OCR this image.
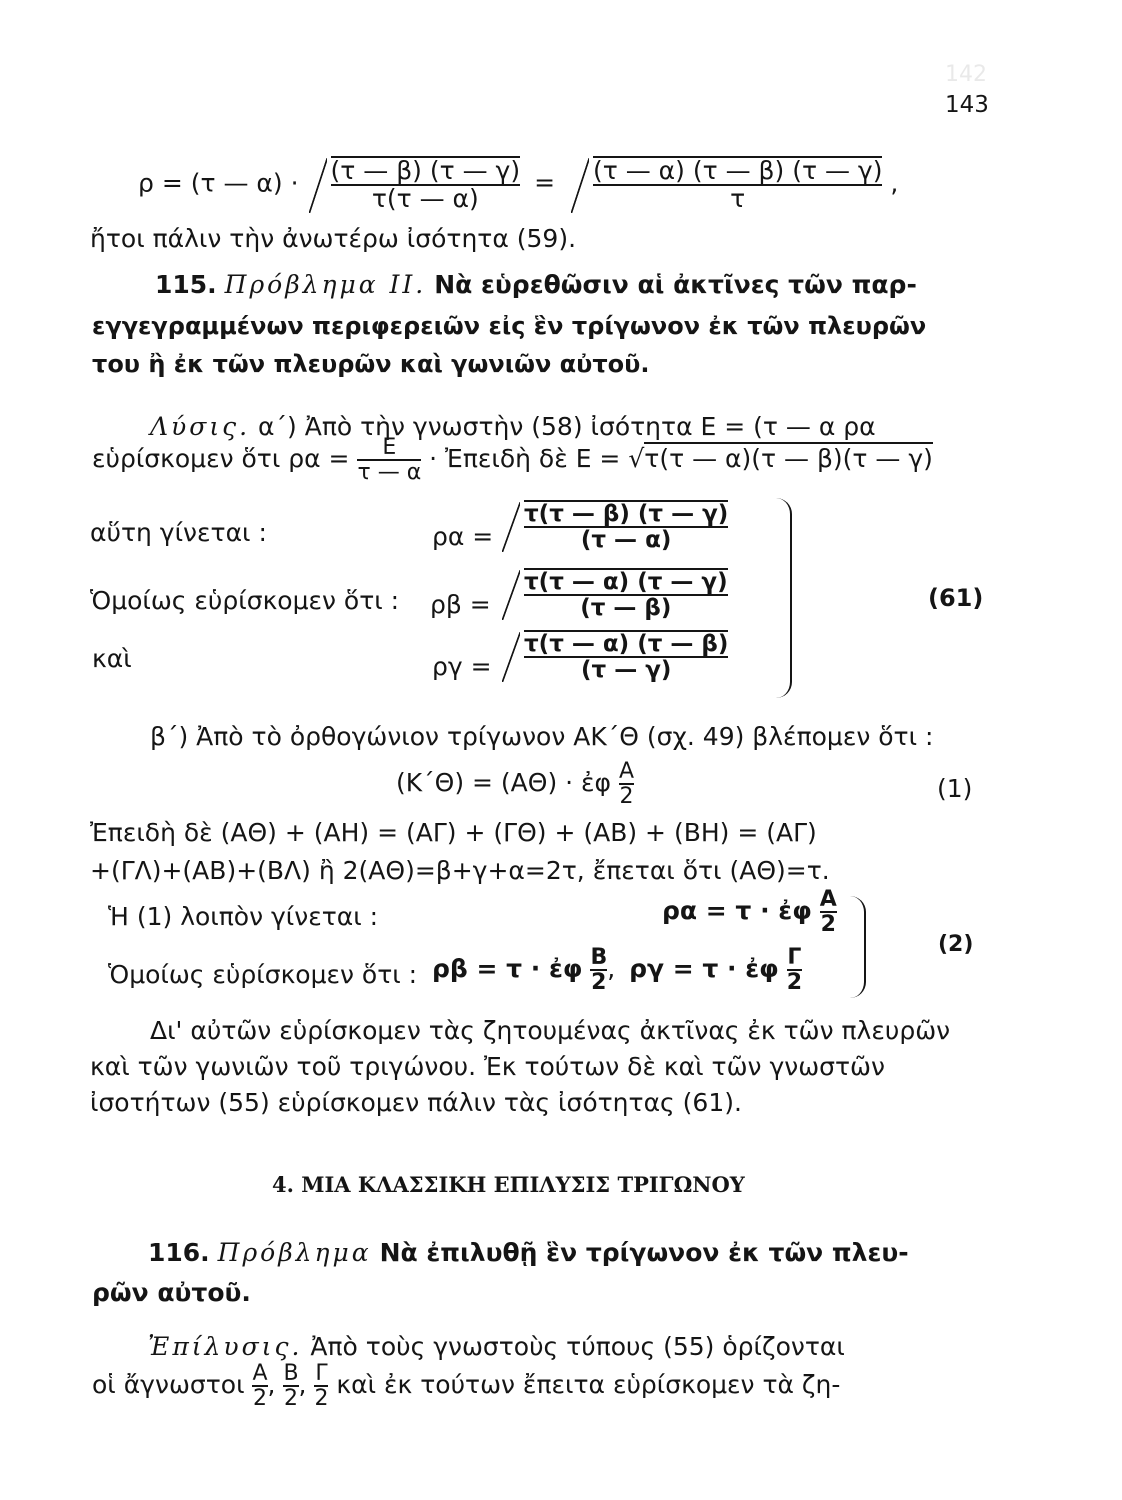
142
143
ρ = (τ — $\alpha) \cdot \frac{(\tau — \beta) (\tau — \gamma)}{\tau(\tau — \alpha)} = \frac{(\tau — \alpha) (\tau — \beta) (\tau — \gamma)}{\tau}$ ,
ἤτοι πάλιν τὴν ἀνωτέρω ἰσότητα (59).
115. Πρόβλημα ΙΙ. Νὰ εὑρεθῶσιν αἱ ἀκτῖνες τῶν παρ-
εγγεγραμμένων περιφερειῶν εἰς ἓν τρίγωνον ἐκ τῶν πλευρῶν
του ἢ ἐκ τῶν πλευρῶν καὶ γωνιῶν αὐτοῦ.
Λύσις. α΄) Ἀπὸ τὴν γνωστὴν (58) ἰσότητα Ε = (τ — α ρα
εὑρίσκομεν ὅτι $\rho\alpha = \frac{E}{\tau — \alpha}$ · Ἐπειδὴ δὲ Ε = √τ(τ — α)(τ — β)(τ — γ)
αὕτη γίνεται :	$\rho\alpha = \frac{\tau(\tau — \beta) (\tau — \gamma)}{(\tau — \alpha)}$
Ὁμοίως εὑρίσκομεν ὅτι : $\rho\beta = \frac{\tau(\tau — \alpha) (\tau — \gamma)}{(\tau — \beta)}$
καὶ	$\rho\gamma = \frac{\tau(\tau — \alpha) (\tau — \beta)}{(\tau — \gamma)}$
(61)
β΄) Ἀπὸ τὸ ὀρθογώνιον τρίγωνον ΑΚ΄Θ (σχ. 49) βλέπομεν ὅτι :
(Κ΄Θ) = (ΑΘ) · ἐφ $\frac{A}{2}$	(1)
Ἐπειδὴ δὲ (ΑΘ) + (ΑΗ) = (ΑΓ) + (ΓΘ) + (ΑΒ) + (ΒΗ) = (ΑΓ)
+(ΓΛ)+(ΑΒ)+(ΒΛ) ἢ 2(ΑΘ)=β+γ+α=2τ, ἔπεται ὅτι (ΑΘ)=τ.
Ἡ (1) λοιπὸν γίνεται :	ρα = τ · ἐφ $\frac{A}{2}$
Ὁμοίως εὑρίσκομεν ὅτι : ρβ = τ · ἐφ $\frac{B}{2}$ , ργ = τ · ἐφ $\frac{\Gamma}{2}$
(2)
Δι' αὐτῶν εὑρίσκομεν τὰς ζητουμένας ἀκτῖνας ἐκ τῶν πλευρῶν
καὶ τῶν γωνιῶν τοῦ τριγώνου. Ἐκ τούτων δὲ καὶ τῶν γνωστῶν
ἰσοτήτων (55) εὑρίσκομεν πάλιν τὰς ἰσότητας (61).
4. ΜΙΑ ΚΛΑΣΣΙΚΗ ΕΠΙΛΥΣΙΣ ΤΡΙΓΩΝΟΥ
116. Πρόβλημα Νὰ ἐπιλυθῇ ἓν τρίγωνον ἐκ τῶν πλευ-
ρῶν αὐτοῦ.
Ἐπίλυσις. Ἀπὸ τοὺς γνωστοὺς τύπους (55) ὁρίζονται
οἱ ἄγνωστοι $\frac{A}{2}$ , $\frac{B}{2}$ , $\frac{\Gamma}{2}$ καὶ ἐκ τούτων ἔπειτα εὑρίσκομεν τὰ ζη-
